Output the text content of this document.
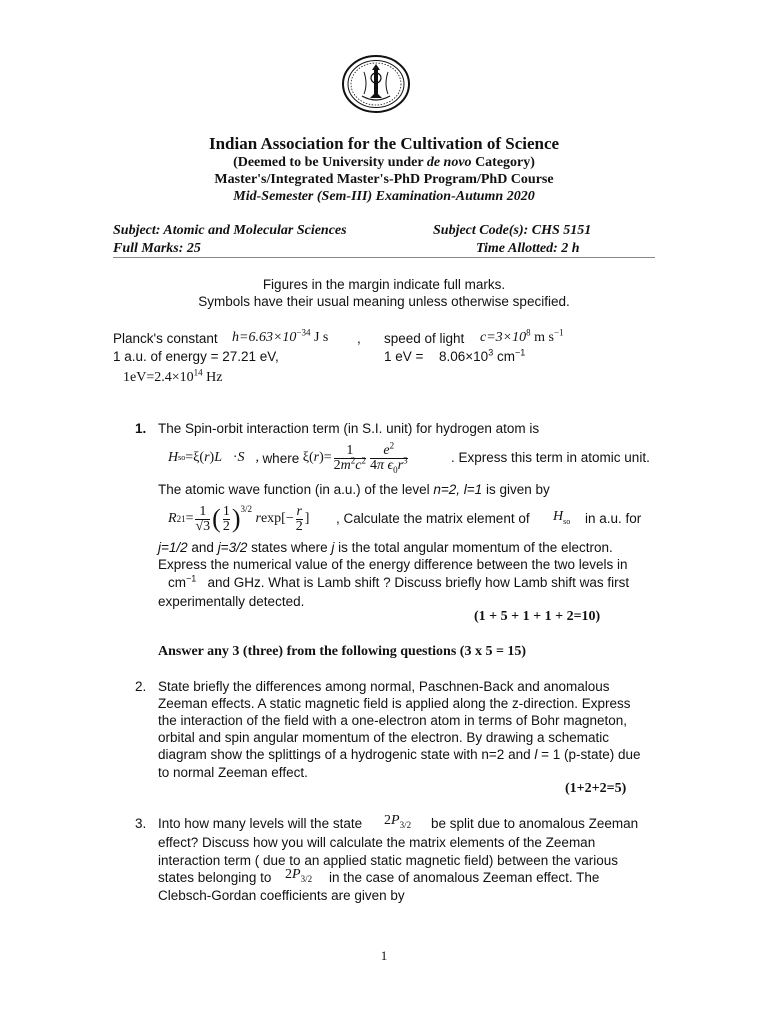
Indian Association for the Cultivation of Science
(Deemed to be University under de novo Category)
Master's/Integrated Master's-PhD Program/PhD Course
Mid-Semester (Sem-III) Examination-Autumn 2020
Subject: Atomic and Molecular Sciences	Subject Code(s): CHS 5151
Full Marks: 25	Time Allotted: 2 h
Figures in the margin indicate full marks.
Symbols have their usual meaning unless otherwise specified.
Planck's constant $h=6.63\times 10^{-34}$ J s , speed of light $c=3\times 10^8$ m $s^{-1}$
1 a.u. of energy = 27.21 eV,	1 eV = $8.06\times 10^3$ $cm^{-1}$
$1eV=2.4\times 10^{14}$ Hz
1. The Spin-orbit interaction term (in S.I. unit) for hydrogen atom is
H so =ξ( r ) L⃗ · S⃗ , where ξ( r )= $\frac{1}{2m^2c^2} \frac{e^2}{4\pi \epsilon_0r^3}$	. Express this term in atomic unit.
The atomic wave function (in a.u.) of the level n=2, l=1 is given by
R $21 = \frac{1}{√3}$ ( $\frac{1}{2} )^{3/2}$

r $\exp[- \frac{r}{2}$ ] , Calculate the matrix element of $H_{so}$ in a.u. for
j=1/2 and j=3/2 states where j is the total angular momentum of the electron.
Express the numerical value of the energy difference between the two levels in
$cm^{-1}$ and GHz. What is Lamb shift ? Discuss briefly how Lamb shift was first
experimentally detected.
(1 + 5 + 1 + 1 + 2=10)
Answer any 3 (three) from the following questions (3 x 5 = 15)
2. State briefly the differences among normal, Paschnen-Back and anomalous
Zeeman effects. A static magnetic field is applied along the z-direction. Express
the interaction of the field with a one-electron atom in terms of Bohr magneton,
orbital and spin angular momentum of the electron. By drawing a schematic
diagram show the splittings of a hydrogenic state with n=2 and l = 1 (p-state) due
to normal Zeeman effect.
(1+2+2=5)
3. Into how many levels will the state $2P_{3/2}$ be split due to anomalous Zeeman
effect? Discuss how you will calculate the matrix elements of the Zeeman
interaction term ( due to an applied static magnetic field) between the various
states belonging to $2P_{3/2}$ in the case of anomalous Zeeman effect. The
Clebsch-Gordan coefficients are given by
1
